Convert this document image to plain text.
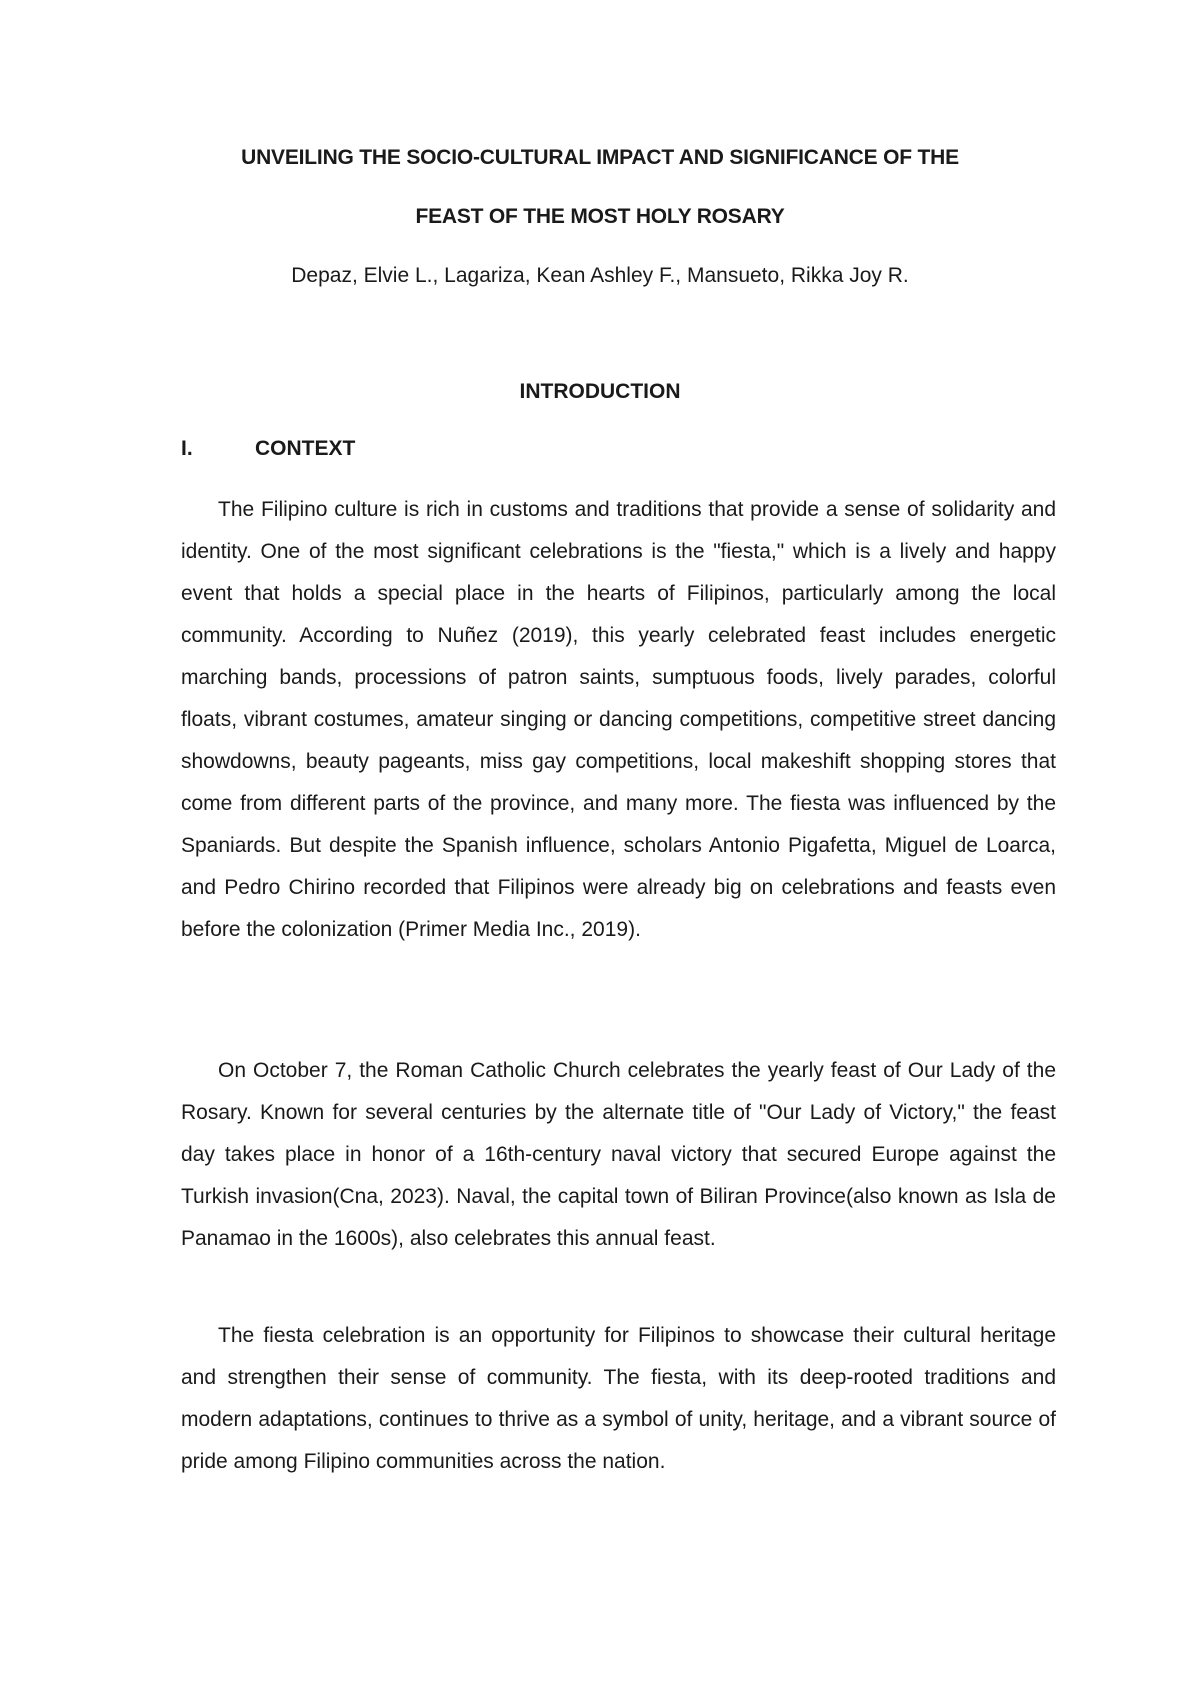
UNVEILING THE SOCIO-CULTURAL IMPACT AND SIGNIFICANCE OF THE
FEAST OF THE MOST HOLY ROSARY
Depaz, Elvie L., Lagariza, Kean Ashley F., Mansueto, Rikka Joy R.
INTRODUCTION
I.	CONTEXT

The Filipino culture is rich in customs and traditions that provide a sense of solidarity and identity. One of the most significant celebrations is the "fiesta," which is a lively and happy event that holds a special place in the hearts of Filipinos, particularly among the local community. According to Nuñez (2019), this yearly celebrated feast includes energetic marching bands, processions of patron saints, sumptuous foods, lively parades, colorful floats, vibrant costumes, amateur singing or dancing competitions, competitive street dancing showdowns, beauty pageants, miss gay competitions, local makeshift shopping stores that come from different parts of the province, and many more. The fiesta was influenced by the Spaniards. But despite the Spanish influence, scholars Antonio Pigafetta, Miguel de Loarca, and Pedro Chirino recorded that Filipinos were already big on celebrations and feasts even before the colonization (Primer Media Inc., 2019).

On October 7, the Roman Catholic Church celebrates the yearly feast of Our Lady of the Rosary. Known for several centuries by the alternate title of "Our Lady of Victory," the feast day takes place in honor of a 16th-century naval victory that secured Europe against the Turkish invasion(Cna, 2023). Naval, the capital town of Biliran Province(also known as Isla de Panamao in the 1600s), also celebrates this annual feast.

The fiesta celebration is an opportunity for Filipinos to showcase their cultural heritage and strengthen their sense of community. The fiesta, with its deep-rooted traditions and modern adaptations, continues to thrive as a symbol of unity, heritage, and a vibrant source of pride among Filipino communities across the nation.
